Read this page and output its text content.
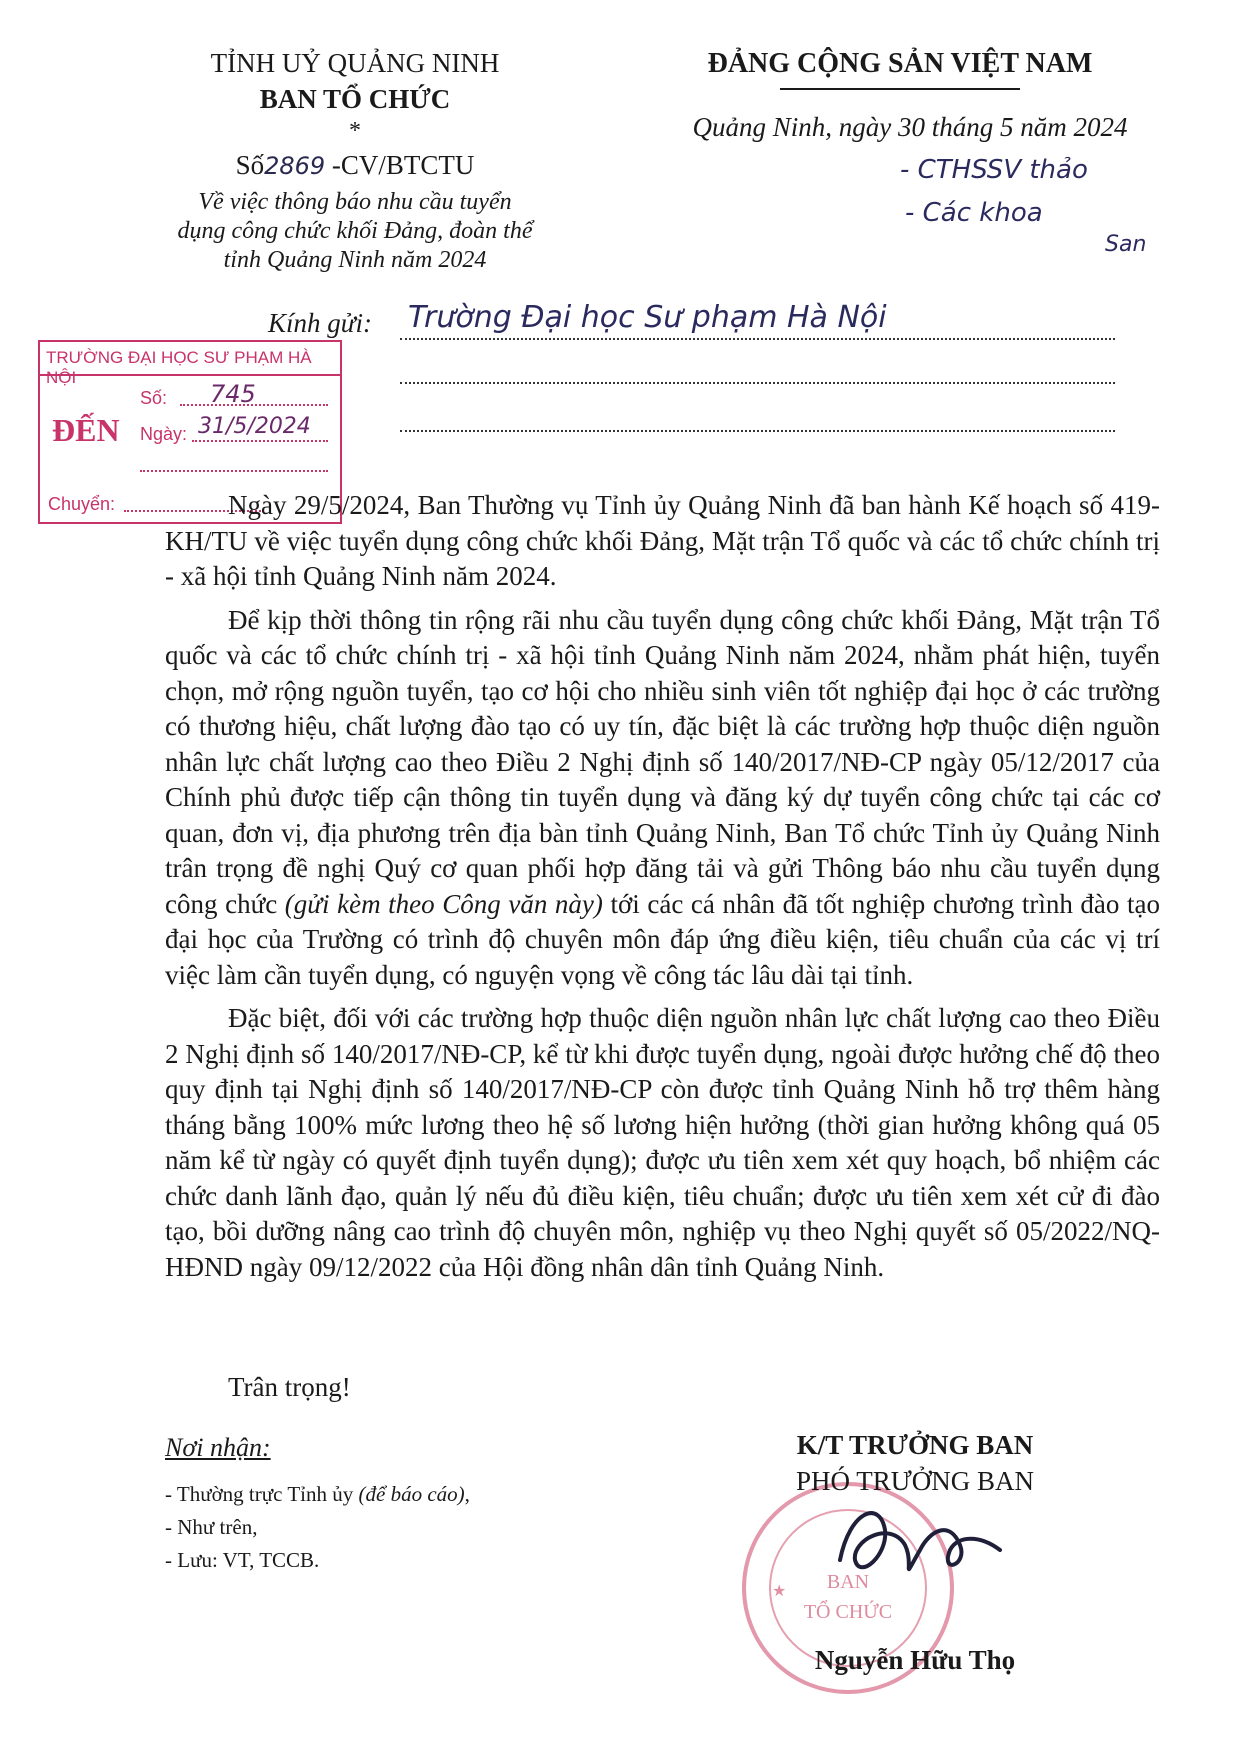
TỈNH UỶ QUẢNG NINH
BAN TỔ CHỨC
*
Số2869 -CV/BTCTU
Về việc thông báo nhu cầu tuyển
dụng công chức khối Đảng, đoàn thể
tỉnh Quảng Ninh năm 2024
ĐẢNG CỘNG SẢN VIỆT NAM
Quảng Ninh, ngày 30 tháng 5 năm 2024
- CTHSSV thảo
- Các khoa
San
Kính gửi: Trường Đại học Sư phạm Hà Nội
TRƯỜNG ĐẠI HỌC SƯ PHẠM HÀ NỘI
ĐẾN
Số: 745
Ngày: 31/5/2024
Chuyển:	Ngày 29/5/2024, Ban Thường vụ Tỉnh ủy Quảng Ninh đã ban hành Kế hoạch số 419-KH/TU về việc tuyển dụng công chức khối Đảng, Mặt trận Tổ quốc và các tổ chức chính trị - xã hội tỉnh Quảng Ninh năm 2024.

Để kịp thời thông tin rộng rãi nhu cầu tuyển dụng công chức khối Đảng, Mặt trận Tổ quốc và các tổ chức chính trị - xã hội tỉnh Quảng Ninh năm 2024, nhằm phát hiện, tuyển chọn, mở rộng nguồn tuyển, tạo cơ hội cho nhiều sinh viên tốt nghiệp đại học ở các trường có thương hiệu, chất lượng đào tạo có uy tín, đặc biệt là các trường hợp thuộc diện nguồn nhân lực chất lượng cao theo Điều 2 Nghị định số 140/2017/NĐ-CP ngày 05/12/2017 của Chính phủ được tiếp cận thông tin tuyển dụng và đăng ký dự tuyển công chức tại các cơ quan, đơn vị, địa phương trên địa bàn tỉnh Quảng Ninh, Ban Tổ chức Tỉnh ủy Quảng Ninh trân trọng đề nghị Quý cơ quan phối hợp đăng tải và gửi Thông báo nhu cầu tuyển dụng công chức (gửi kèm theo Công văn này) tới các cá nhân đã tốt nghiệp chương trình đào tạo đại học của Trường có trình độ chuyên môn đáp ứng điều kiện, tiêu chuẩn của các vị trí việc làm cần tuyển dụng, có nguyện vọng về công tác lâu dài tại tỉnh.

Đặc biệt, đối với các trường hợp thuộc diện nguồn nhân lực chất lượng cao theo Điều 2 Nghị định số 140/2017/NĐ-CP, kể từ khi được tuyển dụng, ngoài được hưởng chế độ theo quy định tại Nghị định số 140/2017/NĐ-CP còn được tỉnh Quảng Ninh hỗ trợ thêm hàng tháng bằng 100% mức lương theo hệ số lương hiện hưởng (thời gian hưởng không quá 05 năm kể từ ngày có quyết định tuyển dụng); được ưu tiên xem xét quy hoạch, bổ nhiệm các chức danh lãnh đạo, quản lý nếu đủ điều kiện, tiêu chuẩn; được ưu tiên xem xét cử đi đào tạo, bồi dưỡng nâng cao trình độ chuyên môn, nghiệp vụ theo Nghị quyết số 05/2022/NQ-HĐND ngày 09/12/2022 của Hội đồng nhân dân tỉnh Quảng Ninh.

Trân trọng!
Nơi nhận:
- Thường trực Tỉnh ủy (để báo cáo),
- Như trên,
- Lưu: VT, TCCB.
BAN
TỔ CHỨC
★
K/T TRƯỞNG BAN
PHÓ TRƯỞNG BAN
Nguyễn Hữu Thọ
